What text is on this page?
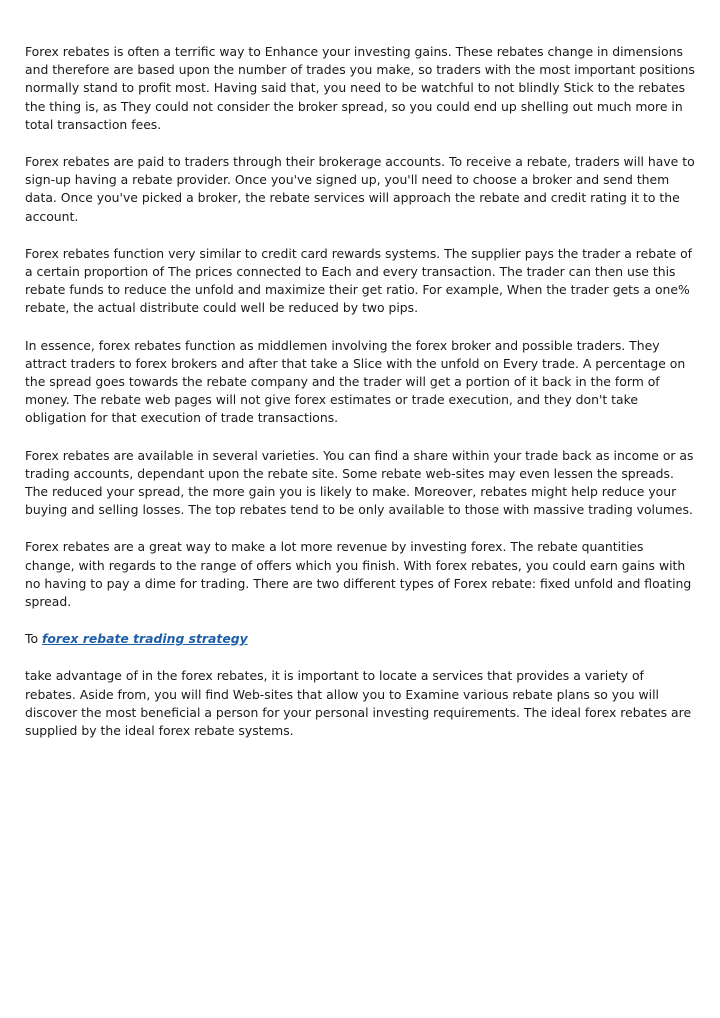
Forex rebates is often a terrific way to Enhance your investing gains. These rebates change in dimensions and therefore are based upon the number of trades you make, so traders with the most important positions normally stand to profit most. Having said that, you need to be watchful to not blindly Stick to the rebates the thing is, as They could not consider the broker spread, so you could end up shelling out much more in total transaction fees.

Forex rebates are paid to traders through their brokerage accounts. To receive a rebate, traders will have to sign-up having a rebate provider. Once you've signed up, you'll need to choose a broker and send them data. Once you've picked a broker, the rebate services will approach the rebate and credit rating it to the account.

Forex rebates function very similar to credit card rewards systems. The supplier pays the trader a rebate of a certain proportion of The prices connected to Each and every transaction. The trader can then use this rebate funds to reduce the unfold and maximize their get ratio. For example, When the trader gets a one% rebate, the actual distribute could well be reduced by two pips.

In essence, forex rebates function as middlemen involving the forex broker and possible traders. They attract traders to forex brokers and after that take a Slice with the unfold on Every trade. A percentage on the spread goes towards the rebate company and the trader will get a portion of it back in the form of money. The rebate web pages will not give forex estimates or trade execution, and they don't take obligation for that execution of trade transactions.

Forex rebates are available in several varieties. You can find a share within your trade back as income or as trading accounts, dependant upon the rebate site. Some rebate web-sites may even lessen the spreads. The reduced your spread, the more gain you is likely to make. Moreover, rebates might help reduce your buying and selling losses. The top rebates tend to be only available to those with massive trading volumes.

Forex rebates are a great way to make a lot more revenue by investing forex. The rebate quantities change, with regards to the range of offers which you finish. With forex rebates, you could earn gains with no having to pay a dime for trading. There are two different types of Forex rebate: fixed unfold and floating spread.

To forex rebate trading strategy

take advantage of in the forex rebates, it is important to locate a services that provides a variety of rebates. Aside from, you will find Web-sites that allow you to Examine various rebate plans so you will discover the most beneficial a person for your personal investing requirements. The ideal forex rebates are supplied by the ideal forex rebate systems.
